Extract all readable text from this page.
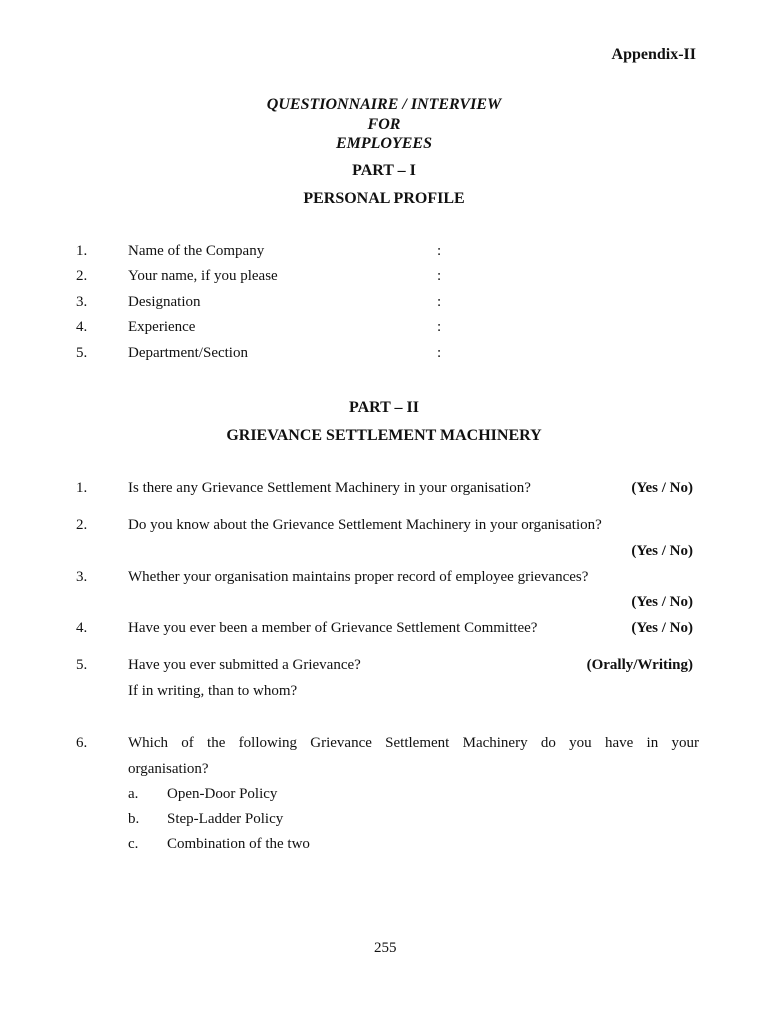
Appendix-II
QUESTIONNAIRE / INTERVIEW
FOR
EMPLOYEES
PART – I
PERSONAL PROFILE
1.	Name of the Company	:
2.	Your name, if you please	:
3.	Designation	:
4.	Experience	:
5.	Department/Section	:
PART – II
GRIEVANCE SETTLEMENT MACHINERY
1.	Is there any Grievance Settlement Machinery in your organisation?	(Yes / No)
2.	Do you know about the Grievance Settlement Machinery in your organisation?
(Yes / No)
3.	Whether your organisation maintains proper record of employee grievances?
(Yes / No)
4.	Have you ever been a member of Grievance Settlement Committee?	(Yes / No)
5.	Have you ever submitted a Grievance?	(Orally/Writing)
If in writing, than to whom?
6.	Which of the following Grievance Settlement Machinery do you have in your
organisation?
a. Open-Door Policy
b. Step-Ladder Policy
c. Combination of the two
255
